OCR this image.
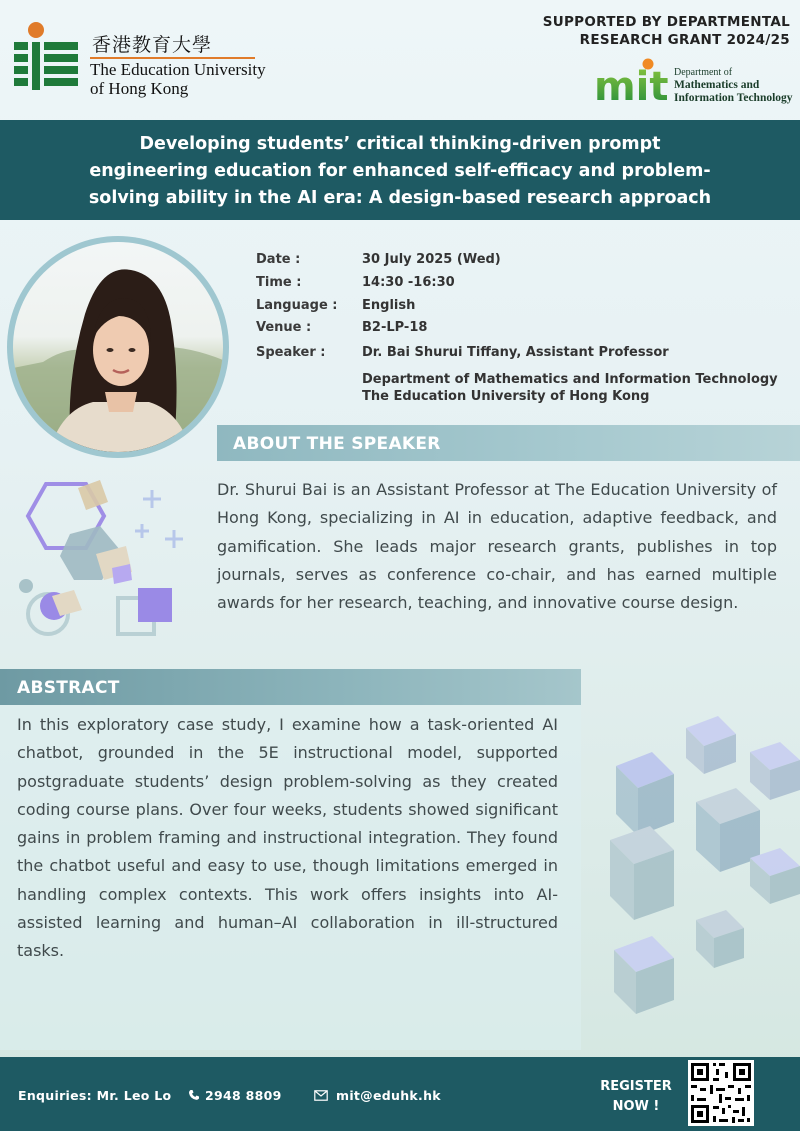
香港教育大學
The Education University
of Hong Kong
SUPPORTED BY DEPARTMENTAL
RESEARCH GRANT 2024/25
mit Department of
Mathematics and
Information Technology
Developing students’ critical thinking-driven prompt
engineering education for enhanced self-efficacy and problem-
solving ability in the AI era: A design-based research approach
Date :	30 July 2025 (Wed)
Time :	14:30 -16:30
Language : English
Venue :	B2-LP-18
Speaker :	Dr. Bai Shurui Tiffany, Assistant Professor
Department of Mathematics and Information Technology
The Education University of Hong Kong
ABOUT THE SPEAKER
Dr. Shurui Bai is an Assistant Professor at The Education University of Hong Kong, specializing in AI in education, adaptive feedback, and gamification. She leads major research grants, publishes in top journals, serves as conference co-chair, and has earned multiple awards for her research, teaching, and innovative course design.
ABSTRACT
In this exploratory case study, I examine how a task-oriented AI chatbot, grounded in the 5E instructional model, supported postgraduate students’ design problem-solving as they created coding course plans. Over four weeks, students showed significant gains in problem framing and instructional integration. They found the chatbot useful and easy to use, though limitations emerged in handling complex contexts. This work offers insights into AI-assisted learning and human–AI collaboration in ill-structured tasks.
Enquiries: Mr. Leo Lo	2948 8809	mit@eduhk.hk
REGISTER
NOW !
